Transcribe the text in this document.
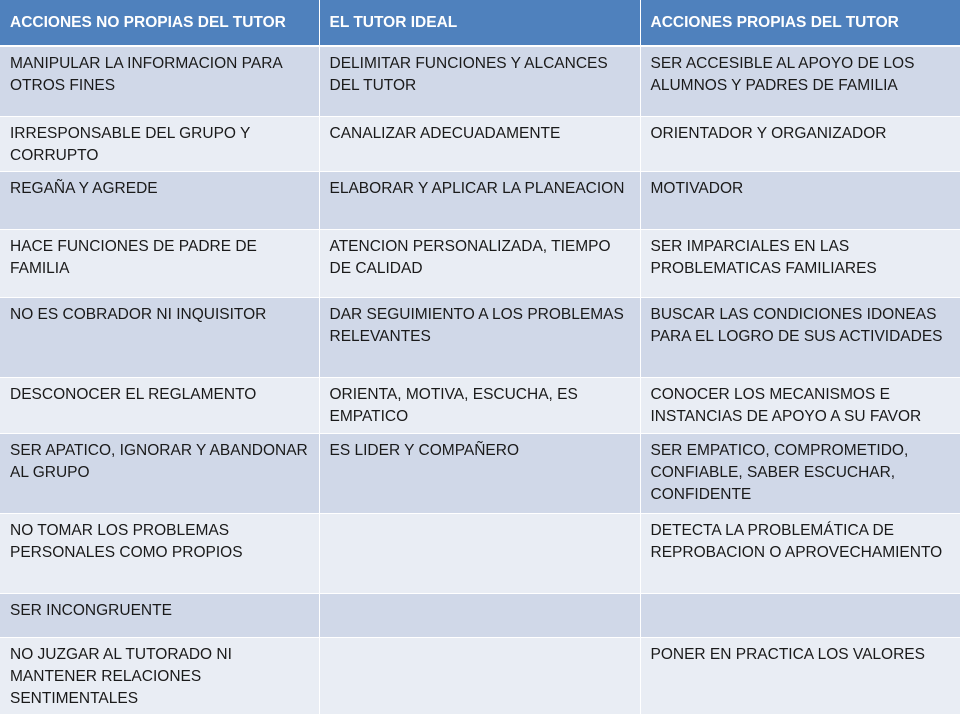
ACCIONES NO PROPIAS DEL TUTOR	EL TUTOR IDEAL	ACCIONES PROPIAS DEL TUTOR
MANIPULAR LA INFORMACION PARA OTROS FINES	DELIMITAR FUNCIONES Y ALCANCES DEL TUTOR	SER ACCESIBLE AL APOYO DE LOS ALUMNOS Y PADRES DE FAMILIA
IRRESPONSABLE DEL GRUPO Y CORRUPTO	CANALIZAR ADECUADAMENTE	ORIENTADOR Y ORGANIZADOR
REGAÑA Y AGREDE	ELABORAR Y APLICAR LA PLANEACION	MOTIVADOR
HACE FUNCIONES DE PADRE DE FAMILIA	ATENCION PERSONALIZADA, TIEMPO DE CALIDAD	SER IMPARCIALES EN LAS PROBLEMATICAS FAMILIARES
NO ES COBRADOR NI INQUISITOR	DAR SEGUIMIENTO A LOS PROBLEMAS RELEVANTES	BUSCAR LAS CONDICIONES IDONEAS PARA EL LOGRO DE SUS ACTIVIDADES
DESCONOCER EL REGLAMENTO	ORIENTA, MOTIVA, ESCUCHA, ES EMPATICO	CONOCER LOS MECANISMOS E INSTANCIAS DE APOYO A SU FAVOR
SER APATICO, IGNORAR Y ABANDONAR AL GRUPO	ES LIDER Y COMPAÑERO	SER EMPATICO, COMPROMETIDO, CONFIABLE, SABER ESCUCHAR, CONFIDENTE
NO TOMAR LOS PROBLEMAS PERSONALES COMO PROPIOS		DETECTA LA PROBLEMÁTICA DE REPROBACION O APROVECHAMIENTO
SER INCONGRUENTE		
NO JUZGAR AL TUTORADO NI MANTENER RELACIONES SENTIMENTALES		PONER EN PRACTICA LOS VALORES
